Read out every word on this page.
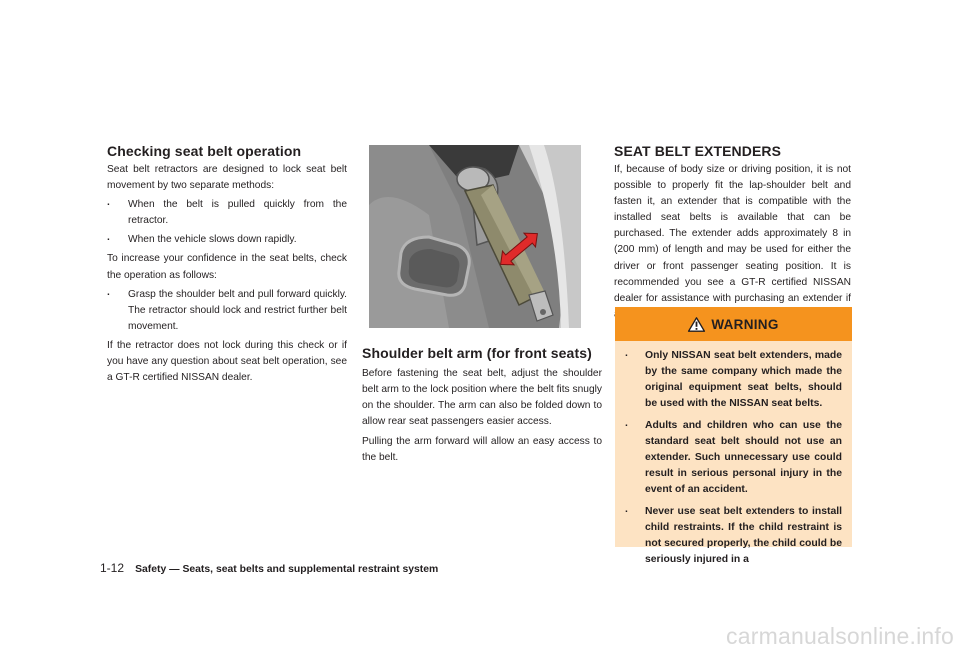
Checking seat belt operation

Seat belt retractors are designed to lock seat belt movement by two separate methods:

. When the belt is pulled quickly from the retractor.
. When the vehicle slows down rapidly.

To increase your confidence in the seat belts, check the operation as follows:

. Grasp the shoulder belt and pull forward quickly. The retractor should lock and restrict further belt movement.

If the retractor does not lock during this check or if you have any question about seat belt operation, see a GT-R certified NISSAN dealer.

Shoulder belt arm (for front seats)

Before fastening the seat belt, adjust the shoulder belt arm to the lock position where the belt fits snugly on the shoulder. The arm can also be folded down to allow rear seat passengers easier access.

Pulling the arm forward will allow an easy access to the belt.

SEAT BELT EXTENDERS

If, because of body size or driving position, it is not possible to properly fit the lap-shoulder belt and fasten it, an extender that is compatible with the installed seat belts is available that can be purchased. The extender adds approximately 8 in (200 mm) of length and may be used for either the driver or front passenger seating position. It is recommended you see a GT-R certified NISSAN dealer for assistance with purchasing an extender if

WARNING
. Only NISSAN seat belt extenders, made by the same company which made the original equipment seat belts, should be used with the NISSAN seat belts.
. Adults and children who can use the standard seat belt should not use an extender. Such unnecessary use could result in serious personal injury in the event of an accident.
. Never use seat belt extenders to install child restraints. If the child restraint is not secured properly, the child could be seriously injured in a
1-12 Safety — Seats, seat belts and supplemental restraint system
carmanualsonline.info
